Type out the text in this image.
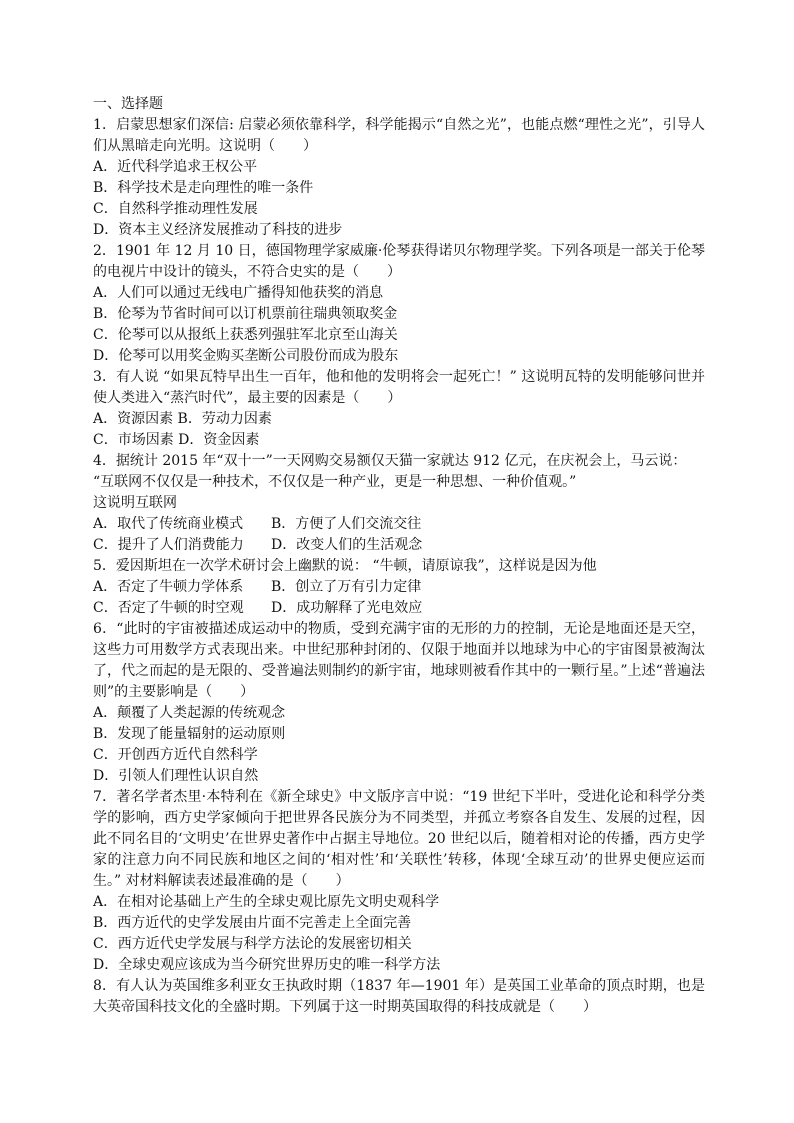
一、选择题

1．启蒙思想家们深信: 启蒙必须依靠科学，科学能揭示“自然之光”，也能点燃“理性之光”，引导人们从黑暗走向光明。这说明（　　）

A．近代科学追求王权公平

B．科学技术是走向理性的唯一条件

C．自然科学推动理性发展

D．资本主义经济发展推动了科技的进步

2．1901 年 12 月 10 日，德国物理学家威廉·伦琴获得诺贝尔物理学奖。下列各项是一部关于伦琴的电视片中设计的镜头，不符合史实的是（　　）

A．人们可以通过无线电广播得知他获奖的消息

B．伦琴为节省时间可以订机票前往瑞典领取奖金

C．伦琴可以从报纸上获悉列强驻军北京至山海关

D．伦琴可以用奖金购买垄断公司股份而成为股东

3．有人说 “如果瓦特早出生一百年，他和他的发明将会一起死亡！” 这说明瓦特的发明能够问世并使人类进入“蒸汽时代”，最主要的因素是（　　）

A．资源因素 B．劳动力因素

C．市场因素 D．资金因素

4．据统计 2015 年“双十一”一天网购交易额仅天猫一家就达 912 亿元，在庆祝会上，马云说：

“互联网不仅仅是一种技术，不仅仅是一种产业，更是一种思想、一种价值观。”

这说明互联网

A．取代了传统商业模式	B．方便了人们交流交往
C．提升了人们消费能力	D．改变人们的生活观念

5．爱因斯坦在一次学术研讨会上幽默的说： “牛顿，请原谅我”，这样说是因为他

A．否定了牛顿力学体系	B．创立了万有引力定律
C．否定了牛顿的时空观	D．成功解释了光电效应

6．“此时的宇宙被描述成运动中的物质，受到充满宇宙的无形的力的控制，无论是地面还是天空，这些力可用数学方式表现出来。中世纪那种封闭的、仅限于地面并以地球为中心的宇宙图景被淘汰了，代之而起的是无限的、受普遍法则制约的新宇宙，地球则被看作其中的一颗行星。”上述“普遍法则”的主要影响是（　　）

A．颠覆了人类起源的传统观念

B．发现了能量辐射的运动原则

C．开创西方近代自然科学

D．引领人们理性认识自然

7．著名学者杰里·本特利在《新全球史》中文版序言中说：“19 世纪下半叶，受进化论和科学分类学的影响，西方史学家倾向于把世界各民族分为不同类型，并孤立考察各自发生、发展的过程，因此不同名目的‘文明史’在世界史著作中占据主导地位。20 世纪以后，随着相对论的传播，西方史学家的注意力向不同民族和地区之间的‘相对性’和‘关联性’转移，体现‘全球互动’的世界史便应运而生。” 对材料解读表述最准确的是（　　）

A．在相对论基础上产生的全球史观比原先文明史观科学

B．西方近代的史学发展由片面不完善走上全面完善

C．西方近代史学发展与科学方法论的发展密切相关

D．全球史观应该成为当今研究世界历史的唯一科学方法

8．有人认为英国维多利亚女王执政时期（1837 年—1901 年）是英国工业革命的顶点时期，也是大英帝国科技文化的全盛时期。下列属于这一时期英国取得的科技成就是（　　）
